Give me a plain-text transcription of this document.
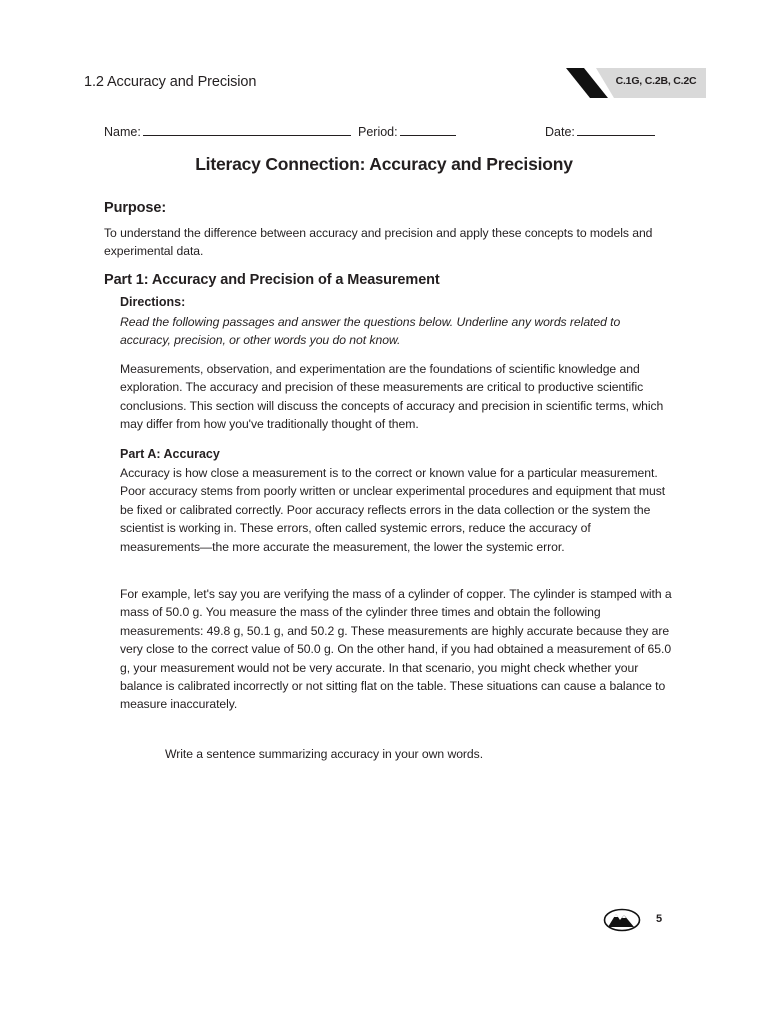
1.2 Accuracy and Precision	C.1G, C.2B, C.2C
Name:	Period:	Date:
Literacy Connection: Accuracy and Precisiony
Purpose:

To understand the difference between accuracy and precision and apply these concepts to models and experimental data.

Part 1: Accuracy and Precision of a Measurement
Directions:

Read the following passages and answer the questions below. Underline any words related to accuracy, precision, or other words you do not know.

Measurements, observation, and experimentation are the foundations of scientific knowledge and exploration. The accuracy and precision of these measurements are critical to productive scientific conclusions. This section will discuss the concepts of accuracy and precision in scientific terms, which may differ from how you've traditionally thought of them.

Part A: Accuracy

Accuracy is how close a measurement is to the correct or known value for a particular measurement. Poor accuracy stems from poorly written or unclear experimental procedures and equipment that must be fixed or calibrated correctly. Poor accuracy reflects errors in the data collection or the system the scientist is working in. These errors, often called systemic errors, reduce the accuracy of measurements—the more accurate the measurement, the lower the systemic error.

For example, let's say you are verifying the mass of a cylinder of copper. The cylinder is stamped with a mass of 50.0 g. You measure the mass of the cylinder three times and obtain the following measurements: 49.8 g, 50.1 g, and 50.2 g. These measurements are highly accurate because they are very close to the correct value of 50.0 g. On the other hand, if you had obtained a measurement of 65.0 g, your measurement would not be very accurate. In that scenario, you might check whether your balance is calibrated incorrectly or not sitting flat on the table. These situations can cause a balance to measure inaccurately.

Write a sentence summarizing accuracy in your own words.
5
